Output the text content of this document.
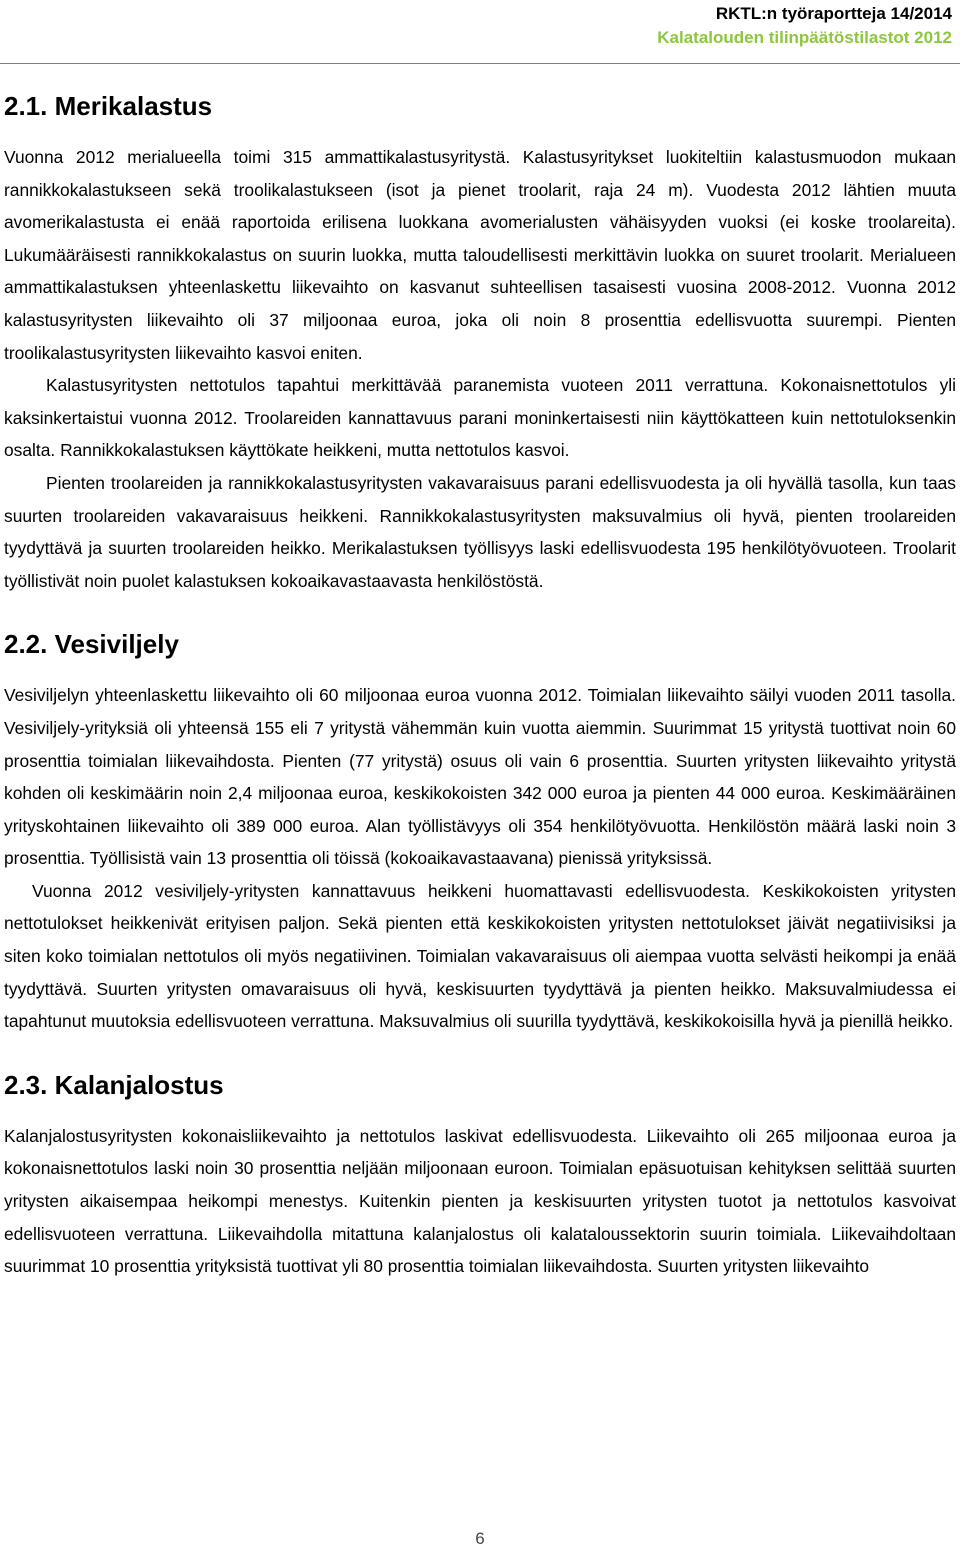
RKTL:n työraportteja 14/2014
Kalatalouden tilinpäätöstilastot 2012
2.1. Merikalastus

Vuonna 2012 merialueella toimi 315 ammattikalastusyritystä. Kalastusyritykset luokiteltiin kalastusmuodon mukaan rannikkokalastukseen sekä troolikalastukseen (isot ja pienet troolarit, raja 24 m). Vuodesta 2012 lähtien muuta avomerikalastusta ei enää raportoida erilisena luokkana avomerialusten vähäisyyden vuoksi (ei koske troolareita). Lukumääräisesti rannikkokalastus on suurin luokka, mutta taloudellisesti merkittävin luokka on suuret troolarit. Merialueen ammattikalastuksen yhteenlaskettu liikevaihto on kasvanut suhteellisen tasaisesti vuosina 2008-2012. Vuonna 2012 kalastusyritysten liikevaihto oli 37 miljoonaa euroa, joka oli noin 8 prosenttia edellisvuotta suurempi. Pienten troolikalastusyritysten liikevaihto kasvoi eniten.

Kalastusyritysten nettotulos tapahtui merkittävää paranemista vuoteen 2011 verrattuna. Kokonaisnettotulos yli kaksinkertaistui vuonna 2012. Troolareiden kannattavuus parani moninkertaisesti niin käyttökatteen kuin nettotuloksenkin osalta. Rannikkokalastuksen käyttökate heikkeni, mutta nettotulos kasvoi.

Pienten troolareiden ja rannikkokalastusyritysten vakavaraisuus parani edellisvuodesta ja oli hyvällä tasolla, kun taas suurten troolareiden vakavaraisuus heikkeni. Rannikkokalastusyritysten maksuvalmius oli hyvä, pienten troolareiden tyydyttävä ja suurten troolareiden heikko. Merikalastuksen työllisyys laski edellisvuodesta 195 henkilötyövuoteen. Troolarit työllistivät noin puolet kalastuksen kokoaikavastaavasta henkilöstöstä.

2.2. Vesiviljely

Vesiviljelyn yhteenlaskettu liikevaihto oli 60 miljoonaa euroa vuonna 2012. Toimialan liikevaihto säilyi vuoden 2011 tasolla. Vesiviljely-yrityksiä oli yhteensä 155 eli 7 yritystä vähemmän kuin vuotta aiemmin. Suurimmat 15 yritystä tuottivat noin 60 prosenttia toimialan liikevaihdosta. Pienten (77 yritystä) osuus oli vain 6 prosenttia. Suurten yritysten liikevaihto yritystä kohden oli keskimäärin noin 2,4 miljoonaa euroa, keskikokoisten 342 000 euroa ja pienten 44 000 euroa. Keskimääräinen yrityskohtainen liikevaihto oli 389 000 euroa. Alan työllistävyys oli 354 henkilötyövuotta. Henkilöstön määrä laski noin 3 prosenttia. Työllisistä vain 13 prosenttia oli töissä (kokoaikavastaavana) pienissä yrityksissä.

Vuonna 2012 vesiviljely-yritysten kannattavuus heikkeni huomattavasti edellisvuodesta. Keskikokoisten yritysten nettotulokset heikkenivät erityisen paljon. Sekä pienten että keskikokoisten yritysten nettotulokset jäivät negatiivisiksi ja siten koko toimialan nettotulos oli myös negatiivinen. Toimialan vakavaraisuus oli aiempaa vuotta selvästi heikompi ja enää tyydyttävä. Suurten yritysten omavaraisuus oli hyvä, keskisuurten tyydyttävä ja pienten heikko. Maksuvalmiudessa ei tapahtunut muutoksia edellisvuoteen verrattuna. Maksuvalmius oli suurilla tyydyttävä, keskikokoisilla hyvä ja pienillä heikko.

2.3. Kalanjalostus

Kalanjalostusyritysten kokonaisliikevaihto ja nettotulos laskivat edellisvuodesta. Liikevaihto oli 265 miljoonaa euroa ja kokonaisnettotulos laski noin 30 prosenttia neljään miljoonaan euroon. Toimialan epäsuotuisan kehityksen selittää suurten yritysten aikaisempaa heikompi menestys. Kuitenkin pienten ja keskisuurten yritysten tuotot ja nettotulos kasvoivat edellisvuoteen verrattuna. Liikevaihdolla mitattuna kalanjalostus oli kalataloussektorin suurin toimiala. Liikevaihdoltaan suurimmat 10 prosenttia yrityksistä tuottivat yli 80 prosenttia toimialan liikevaihdosta. Suurten yritysten liikevaihto

6
